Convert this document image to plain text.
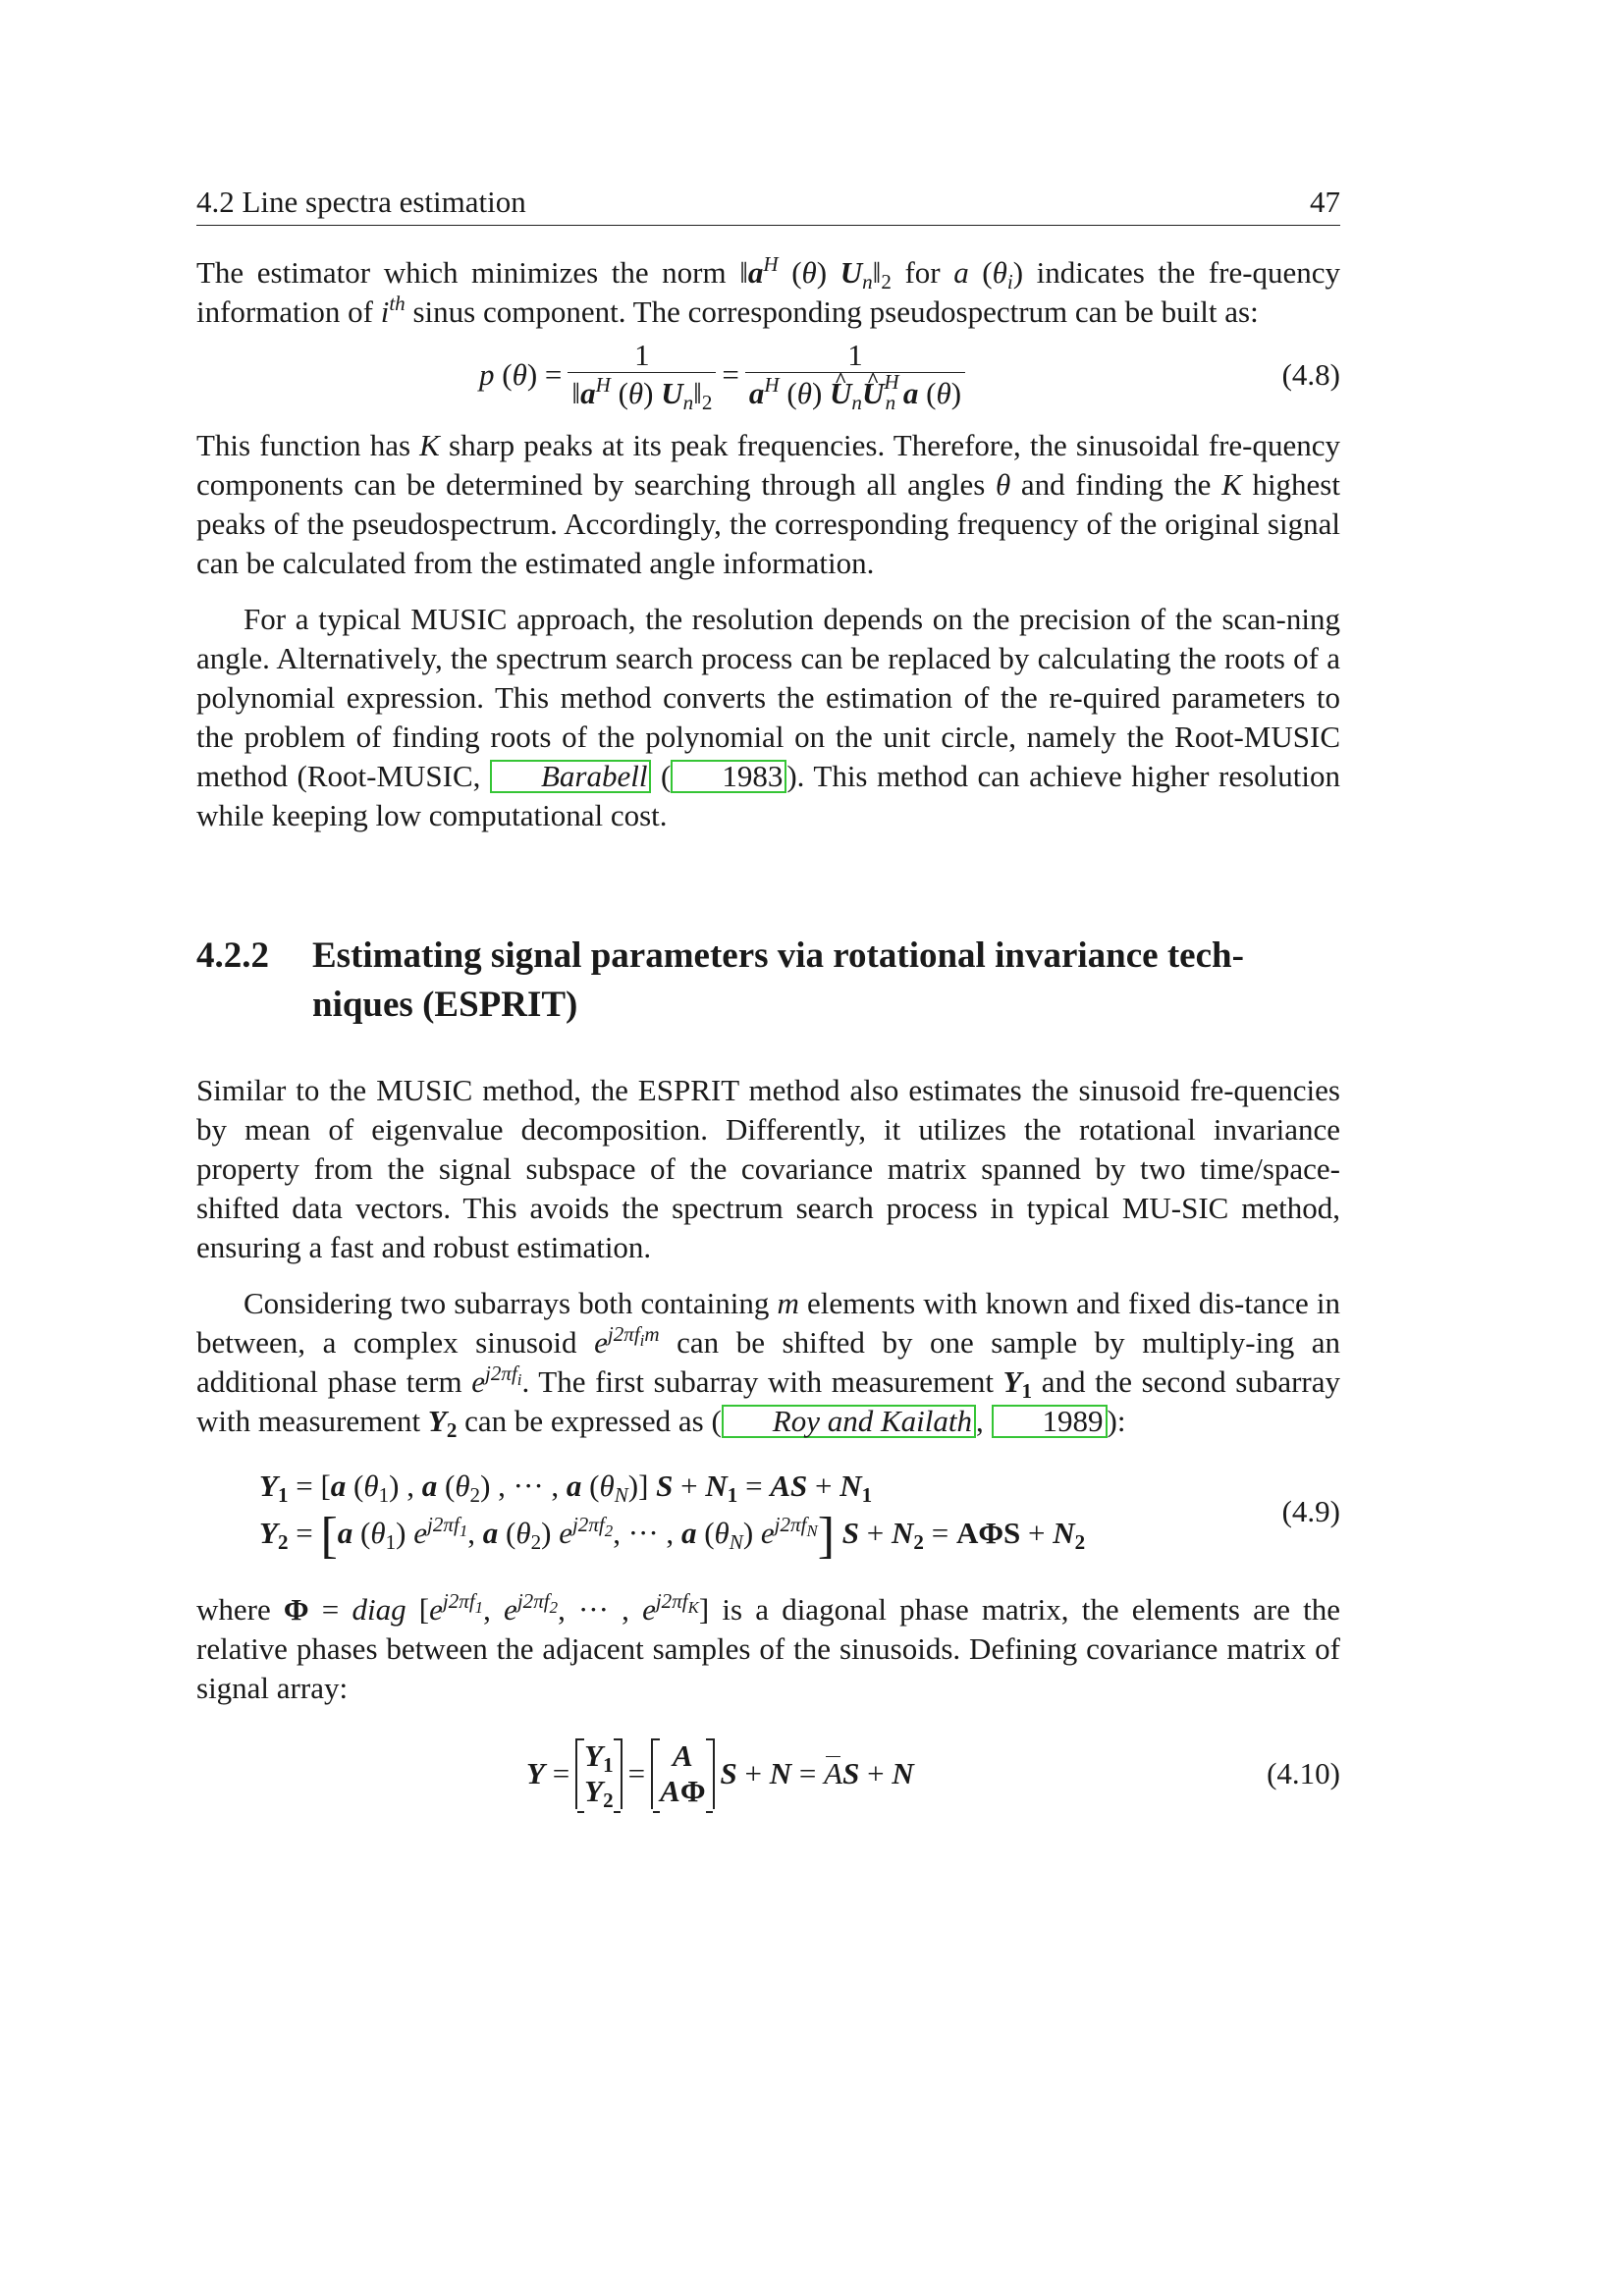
4.2 Line spectra estimation	47

The estimator which minimizes the norm $‖a^H$ (θ) $U_n‖_2$ for a $(\theta_i)$ indicates the fre-quency information of $i^{th}$ sinus component. The corresponding pseudospectrum can be built as:

p ( θ ) = $\frac{1}{‖a^H (\theta) U_n‖_2} = \frac{1}{a^H (\theta) \^{} U_n\^{} U^H_n a (\theta)}$	(4.8)

This function has K sharp peaks at its peak frequencies. Therefore, the sinusoidal fre-quency components can be determined by searching through all angles θ and finding the K highest peaks of the pseudospectrum. Accordingly, the corresponding frequency of the original signal can be calculated from the estimated angle information.

For a typical MUSIC approach, the resolution depends on the precision of the scan-ning angle. Alternatively, the spectrum search process can be replaced by calculating the roots of a polynomial expression. This method converts the estimation of the re-quired parameters to the problem of finding roots of the polynomial on the unit circle, namely the Root-MUSIC method (Root-MUSIC, Barabell ( 1983 ). This method can achieve higher resolution while keeping low computational cost.

4.2.2	Estimating signal parameters via rotational invariance tech-niques (ESPRIT)

Similar to the MUSIC method, the ESPRIT method also estimates the sinusoid fre-quencies by mean of eigenvalue decomposition. Differently, it utilizes the rotational invariance property from the signal subspace of the covariance matrix spanned by two time/space-shifted data vectors. This avoids the spectrum search process in typical MU-SIC method, ensuring a fast and robust estimation.

Considering two subarrays both containing m elements with known and fixed dis-tance in between, a complex sinusoid $e^{j2\pi f_im}$ can be shifted by one sample by multiply-ing an additional phase term $e^{j2\pi f_i}$. The first subarray with measurement $Y_1$ and the second subarray with measurement $Y_2$ can be expressed as ( Roy and Kailath , 1989 ):

$Y_1 = [a$ $(\theta_1)$ , a $(\theta_2)$ , ··· , a $(\theta_N)$] $S + N_1$ = AS + $N_1$
$Y_2 = [a$ $(\theta_1)$ $e^{j2\pi f_1}$, a $(\theta_2)$ $e^{j2\pi f_2}$, ··· , a $(\theta_N)$ $e^{j2\pi f_N}$] $S + N_2 = A\Phi S + N_2$
(4.9)

where Φ = diag [$e^{j2\pi f_1}$, $e^{j2\pi f_2}$, ··· , $e^{j2\pi f_K}$] is a diagonal phase matrix, the elements are the relative phases between the adjacent samples of the sinusoids. Defining covariance matrix of signal array:

Y =
$Y_1$
$Y_2$
=
A
AΦ
S + N = A S + N	(4.10)
